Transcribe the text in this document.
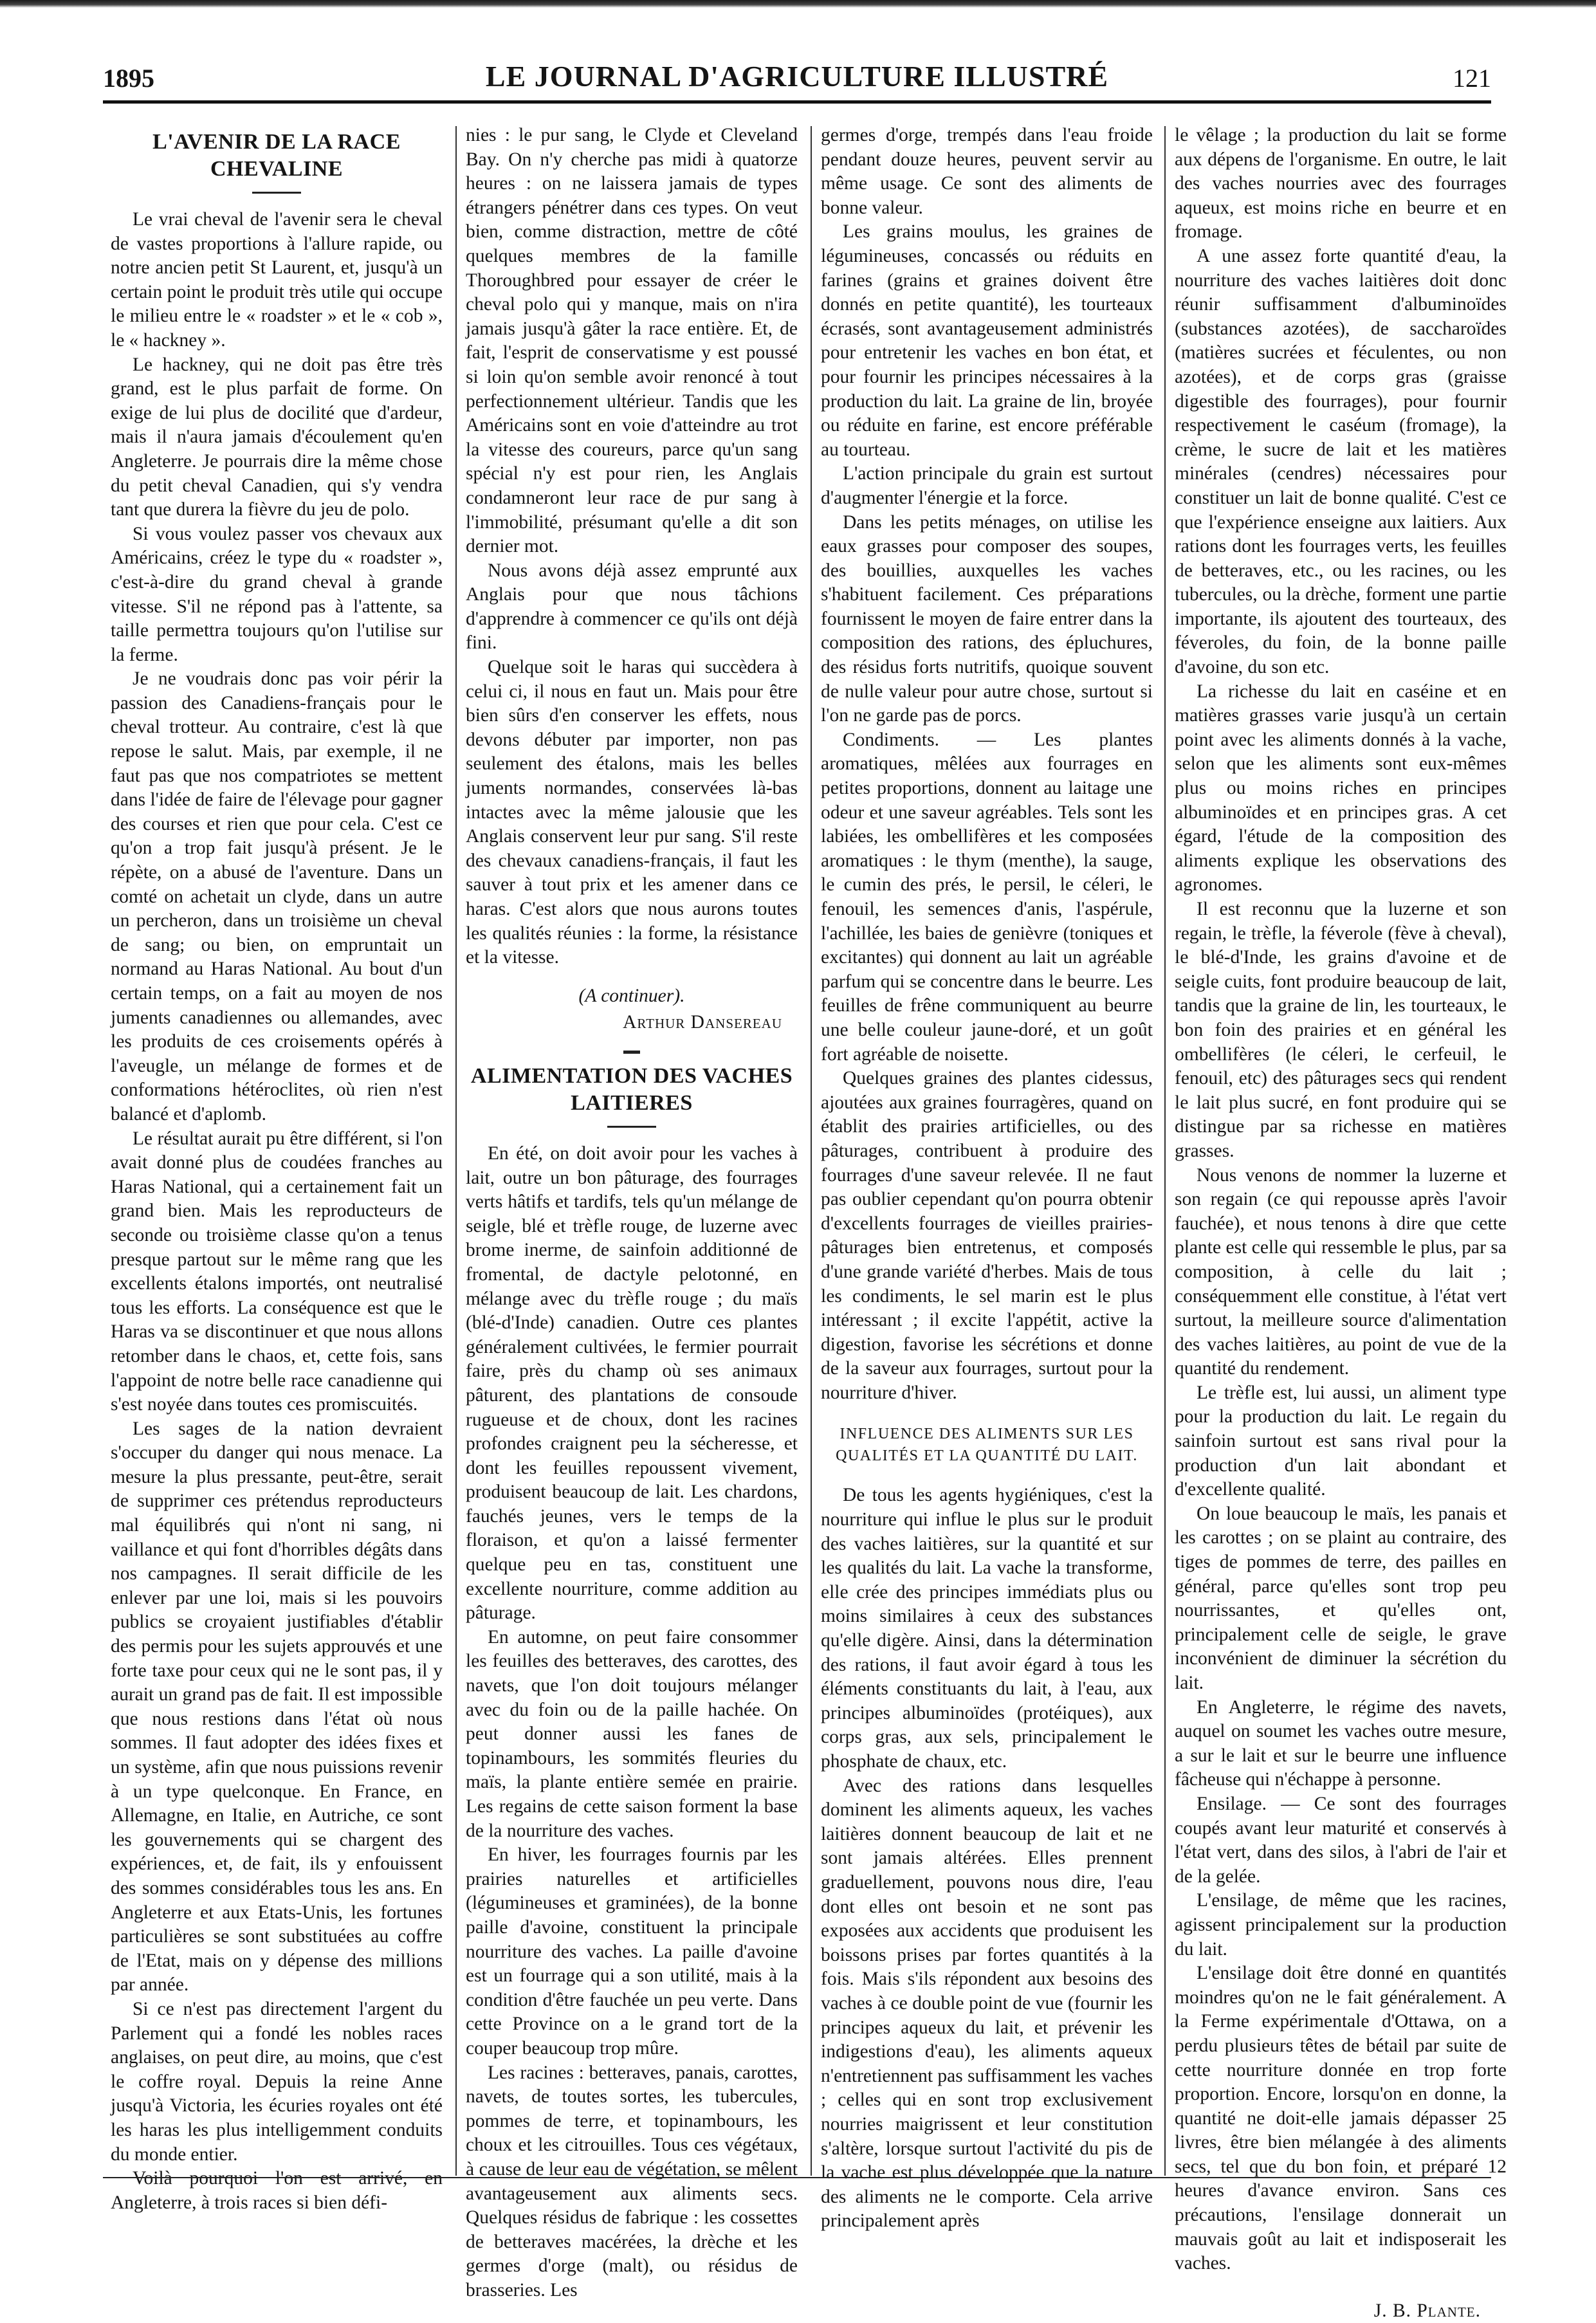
1895	LE JOURNAL D'AGRICULTURE ILLUSTRÉ	121
L'AVENIR DE LA RACE CHEVALINE

Le vrai cheval de l'avenir sera le cheval de vastes proportions à l'allure rapide, ou notre ancien petit St Laurent, et, jusqu'à un certain point le produit très utile qui occupe le milieu entre le « roadster » et le « cob », le « hackney ».

Le hackney, qui ne doit pas être très grand, est le plus parfait de forme. On exige de lui plus de docilité que d'ardeur, mais il n'aura jamais d'écoulement qu'en Angleterre. Je pourrais dire la même chose du petit cheval Canadien, qui s'y vendra tant que durera la fièvre du jeu de polo.

Si vous voulez passer vos chevaux aux Américains, créez le type du « roadster », c'est-à-dire du grand cheval à grande vitesse. S'il ne répond pas à l'attente, sa taille permettra toujours qu'on l'utilise sur la ferme.

Je ne voudrais donc pas voir périr la passion des Canadiens-français pour le cheval trotteur. Au contraire, c'est là que repose le salut. Mais, par exemple, il ne faut pas que nos compatriotes se mettent dans l'idée de faire de l'élevage pour gagner des courses et rien que pour cela. C'est ce qu'on a trop fait jusqu'à présent. Je le répète, on a abusé de l'aventure. Dans un comté on achetait un clyde, dans un autre un percheron, dans un troisième un cheval de sang; ou bien, on empruntait un normand au Haras National. Au bout d'un certain temps, on a fait au moyen de nos juments canadiennes ou allemandes, avec les produits de ces croisements opérés à l'aveugle, un mélange de formes et de conformations hétéroclites, où rien n'est balancé et d'aplomb.

Le résultat aurait pu être différent, si l'on avait donné plus de coudées franches au Haras National, qui a certainement fait un grand bien. Mais les reproducteurs de seconde ou troisième classe qu'on a tenus presque partout sur le même rang que les excellents étalons importés, ont neutralisé tous les efforts. La conséquence est que le Haras va se discontinuer et que nous allons retomber dans le chaos, et, cette fois, sans l'appoint de notre belle race canadienne qui s'est noyée dans toutes ces promiscuités.

Les sages de la nation devraient s'occuper du danger qui nous menace. La mesure la plus pressante, peut-être, serait de supprimer ces prétendus reproducteurs mal équilibrés qui n'ont ni sang, ni vaillance et qui font d'horribles dégâts dans nos campagnes. Il serait difficile de les enlever par une loi, mais si les pouvoirs publics se croyaient justifiables d'établir des permis pour les sujets approuvés et une forte taxe pour ceux qui ne le sont pas, il y aurait un grand pas de fait. Il est impossible que nous restions dans l'état où nous sommes. Il faut adopter des idées fixes et un système, afin que nous puissions revenir à un type quelconque. En France, en Allemagne, en Italie, en Autriche, ce sont les gouvernements qui se chargent des expériences, et, de fait, ils y enfouissent des sommes considérables tous les ans. En Angleterre et aux Etats-Unis, les fortunes particulières se sont substituées au coffre de l'Etat, mais on y dépense des millions par année.

Si ce n'est pas directement l'argent du Parlement qui a fondé les nobles races anglaises, on peut dire, au moins, que c'est le coffre royal. Depuis la reine Anne jusqu'à Victoria, les écuries royales ont été les haras les plus intelligemment conduits du monde entier.

Voilà pourquoi l'on est arrivé, en Angleterre, à trois races si bien défi-

nies : le pur sang, le Clyde et Cleveland Bay. On n'y cherche pas midi à quatorze heures : on ne laissera jamais de types étrangers pénétrer dans ces types. On veut bien, comme distraction, mettre de côté quelques membres de la famille Thoroughbred pour essayer de créer le cheval polo qui y manque, mais on n'ira jamais jusqu'à gâter la race entière. Et, de fait, l'esprit de conservatisme y est poussé si loin qu'on semble avoir renoncé à tout perfectionnement ultérieur. Tandis que les Américains sont en voie d'atteindre au trot la vitesse des coureurs, parce qu'un sang spécial n'y est pour rien, les Anglais condamneront leur race de pur sang à l'immobilité, présumant qu'elle a dit son dernier mot.

Nous avons déjà assez emprunté aux Anglais pour que nous tâchions d'apprendre à commencer ce qu'ils ont déjà fini.

Quelque soit le haras qui succèdera à celui ci, il nous en faut un. Mais pour être bien sûrs d'en conserver les effets, nous devons débuter par importer, non pas seulement des étalons, mais les belles juments normandes, conservées là-bas intactes avec la même jalousie que les Anglais conservent leur pur sang. S'il reste des chevaux canadiens-français, il faut les sauver à tout prix et les amener dans ce haras. C'est alors que nous aurons toutes les qualités réunies : la forme, la résistance et la vitesse.

(A continuer).
Arthur Dansereau
ALIMENTATION DES VACHES LAITIERES

En été, on doit avoir pour les vaches à lait, outre un bon pâturage, des fourrages verts hâtifs et tardifs, tels qu'un mélange de seigle, blé et trèfle rouge, de luzerne avec brome inerme, de sainfoin additionné de fromental, de dactyle pelotonné, en mélange avec du trèfle rouge ; du maïs (blé-d'Inde) canadien. Outre ces plantes généralement cultivées, le fermier pourrait faire, près du champ où ses animaux pâturent, des plantations de consoude rugueuse et de choux, dont les racines profondes craignent peu la sécheresse, et dont les feuilles repoussent vivement, produisent beaucoup de lait. Les chardons, fauchés jeunes, vers le temps de la floraison, et qu'on a laissé fermenter quelque peu en tas, constituent une excellente nourriture, comme addition au pâturage.

En automne, on peut faire consommer les feuilles des betteraves, des carottes, des navets, que l'on doit toujours mélanger avec du foin ou de la paille hachée. On peut donner aussi les fanes de topinambours, les sommités fleuries du maïs, la plante entière semée en prairie. Les regains de cette saison forment la base de la nourriture des vaches.

En hiver, les fourrages fournis par les prairies naturelles et artificielles (légumineuses et graminées), de la bonne paille d'avoine, constituent la principale nourriture des vaches. La paille d'avoine est un fourrage qui a son utilité, mais à la condition d'être fauchée un peu verte. Dans cette Province on a le grand tort de la couper beaucoup trop mûre.

Les racines : betteraves, panais, carottes, navets, de toutes sortes, les tubercules, pommes de terre, et topinambours, les choux et les citrouilles. Tous ces végétaux, à cause de leur eau de végétation, se mêlent avantageusement aux aliments secs. Quelques résidus de fabrique : les cossettes de betteraves macérées, la drèche et les germes d'orge (malt), ou résidus de brasseries. Les

germes d'orge, trempés dans l'eau froide pendant douze heures, peuvent servir au même usage. Ce sont des aliments de bonne valeur.

Les grains moulus, les graines de légumineuses, concassés ou réduits en farines (grains et graines doivent être donnés en petite quantité), les tourteaux écrasés, sont avantageusement administrés pour entretenir les vaches en bon état, et pour fournir les principes nécessaires à la production du lait. La graine de lin, broyée ou réduite en farine, est encore préférable au tourteau.

L'action principale du grain est surtout d'augmenter l'énergie et la force.

Dans les petits ménages, on utilise les eaux grasses pour composer des soupes, des bouillies, auxquelles les vaches s'habituent facilement. Ces préparations fournissent le moyen de faire entrer dans la composition des rations, des épluchures, des résidus forts nutritifs, quoique souvent de nulle valeur pour autre chose, surtout si l'on ne garde pas de porcs.

Condiments. — Les plantes aromatiques, mêlées aux fourrages en petites proportions, donnent au laitage une odeur et une saveur agréables. Tels sont les labiées, les ombellifères et les composées aromatiques : le thym (menthe), la sauge, le cumin des prés, le persil, le céleri, le fenouil, les semences d'anis, l'aspérule, l'achillée, les baies de genièvre (toniques et excitantes) qui donnent au lait un agréable parfum qui se concentre dans le beurre. Les feuilles de frêne communiquent au beurre une belle couleur jaune-doré, et un goût fort agréable de noisette.

Quelques graines des plantes cidessus, ajoutées aux graines fourragères, quand on établit des prairies artificielles, ou des pâturages, contribuent à produire des fourrages d'une saveur relevée. Il ne faut pas oublier cependant qu'on pourra obtenir d'excellents fourrages de vieilles prairies-pâturages bien entretenus, et composés d'une grande variété d'herbes. Mais de tous les condiments, le sel marin est le plus intéressant ; il excite l'appétit, active la digestion, favorise les sécrétions et donne de la saveur aux fourrages, surtout pour la nourriture d'hiver.

INFLUENCE DES ALIMENTS SUR LES QUALITÉS ET LA QUANTITÉ DU LAIT.

De tous les agents hygiéniques, c'est la nourriture qui influe le plus sur le produit des vaches laitières, sur la quantité et sur les qualités du lait. La vache la transforme, elle crée des principes immédiats plus ou moins similaires à ceux des substances qu'elle digère. Ainsi, dans la détermination des rations, il faut avoir égard à tous les éléments constituants du lait, à l'eau, aux principes albuminoïdes (protéiques), aux corps gras, aux sels, principalement le phosphate de chaux, etc.

Avec des rations dans lesquelles dominent les aliments aqueux, les vaches laitières donnent beaucoup de lait et ne sont jamais altérées. Elles prennent graduellement, pouvons nous dire, l'eau dont elles ont besoin et ne sont pas exposées aux accidents que produisent les boissons prises par fortes quantités à la fois. Mais s'ils répondent aux besoins des vaches à ce double point de vue (fournir les principes aqueux du lait, et prévenir les indigestions d'eau), les aliments aqueux n'entretiennent pas suffisamment les vaches ; celles qui en sont trop exclusivement nourries maigrissent et leur constitution s'altère, lorsque surtout l'activité du pis de la vache est plus développée que la nature des aliments ne le comporte. Cela arrive principalement après

le vêlage ; la production du lait se forme aux dépens de l'organisme. En outre, le lait des vaches nourries avec des fourrages aqueux, est moins riche en beurre et en fromage.

A une assez forte quantité d'eau, la nourriture des vaches laitières doit donc réunir suffisamment d'albuminoïdes (substances azotées), de saccharoïdes (matières sucrées et féculentes, ou non azotées), et de corps gras (graisse digestible des fourrages), pour fournir respectivement le caséum (fromage), la crème, le sucre de lait et les matières minérales (cendres) nécessaires pour constituer un lait de bonne qualité. C'est ce que l'expérience enseigne aux laitiers. Aux rations dont les fourrages verts, les feuilles de betteraves, etc., ou les racines, ou les tubercules, ou la drèche, forment une partie importante, ils ajoutent des tourteaux, des féveroles, du foin, de la bonne paille d'avoine, du son etc.

La richesse du lait en caséine et en matières grasses varie jusqu'à un certain point avec les aliments donnés à la vache, selon que les aliments sont eux-mêmes plus ou moins riches en principes albuminoïdes et en principes gras. A cet égard, l'étude de la composition des aliments explique les observations des agronomes.

Il est reconnu que la luzerne et son regain, le trèfle, la féverole (fève à cheval), le blé-d'Inde, les grains d'avoine et de seigle cuits, font produire beaucoup de lait, tandis que la graine de lin, les tourteaux, le bon foin des prairies et en général les ombellifères (le céleri, le cerfeuil, le fenouil, etc) des pâturages secs qui rendent le lait plus sucré, en font produire qui se distingue par sa richesse en matières grasses.

Nous venons de nommer la luzerne et son regain (ce qui repousse après l'avoir fauchée), et nous tenons à dire que cette plante est celle qui ressemble le plus, par sa composition, à celle du lait ; conséquemment elle constitue, à l'état vert surtout, la meilleure source d'alimentation des vaches laitières, au point de vue de la quantité du rendement.

Le trèfle est, lui aussi, un aliment type pour la production du lait. Le regain du sainfoin surtout est sans rival pour la production d'un lait abondant et d'excellente qualité.

On loue beaucoup le maïs, les panais et les carottes ; on se plaint au contraire, des tiges de pommes de terre, des pailles en général, parce qu'elles sont trop peu nourrissantes, et qu'elles ont, principalement celle de seigle, le grave inconvénient de diminuer la sécrétion du lait.

En Angleterre, le régime des navets, auquel on soumet les vaches outre mesure, a sur le lait et sur le beurre une influence fâcheuse qui n'échappe à personne.

Ensilage. — Ce sont des fourrages coupés avant leur maturité et conservés à l'état vert, dans des silos, à l'abri de l'air et de la gelée.

L'ensilage, de même que les racines, agissent principalement sur la production du lait.

L'ensilage doit être donné en quantités moindres qu'on ne le fait généralement. A la Ferme expérimentale d'Ottawa, on a perdu plusieurs têtes de bétail par suite de cette nourriture donnée en trop forte proportion. Encore, lorsqu'on en donne, la quantité ne doit-elle jamais dépasser 25 livres, être bien mélangée à des aliments secs, tel que du bon foin, et préparé 12 heures d'avance environ. Sans ces précautions, l'ensilage donnerait un mauvais goût au lait et indisposerait les vaches.

J. B. Plante.
